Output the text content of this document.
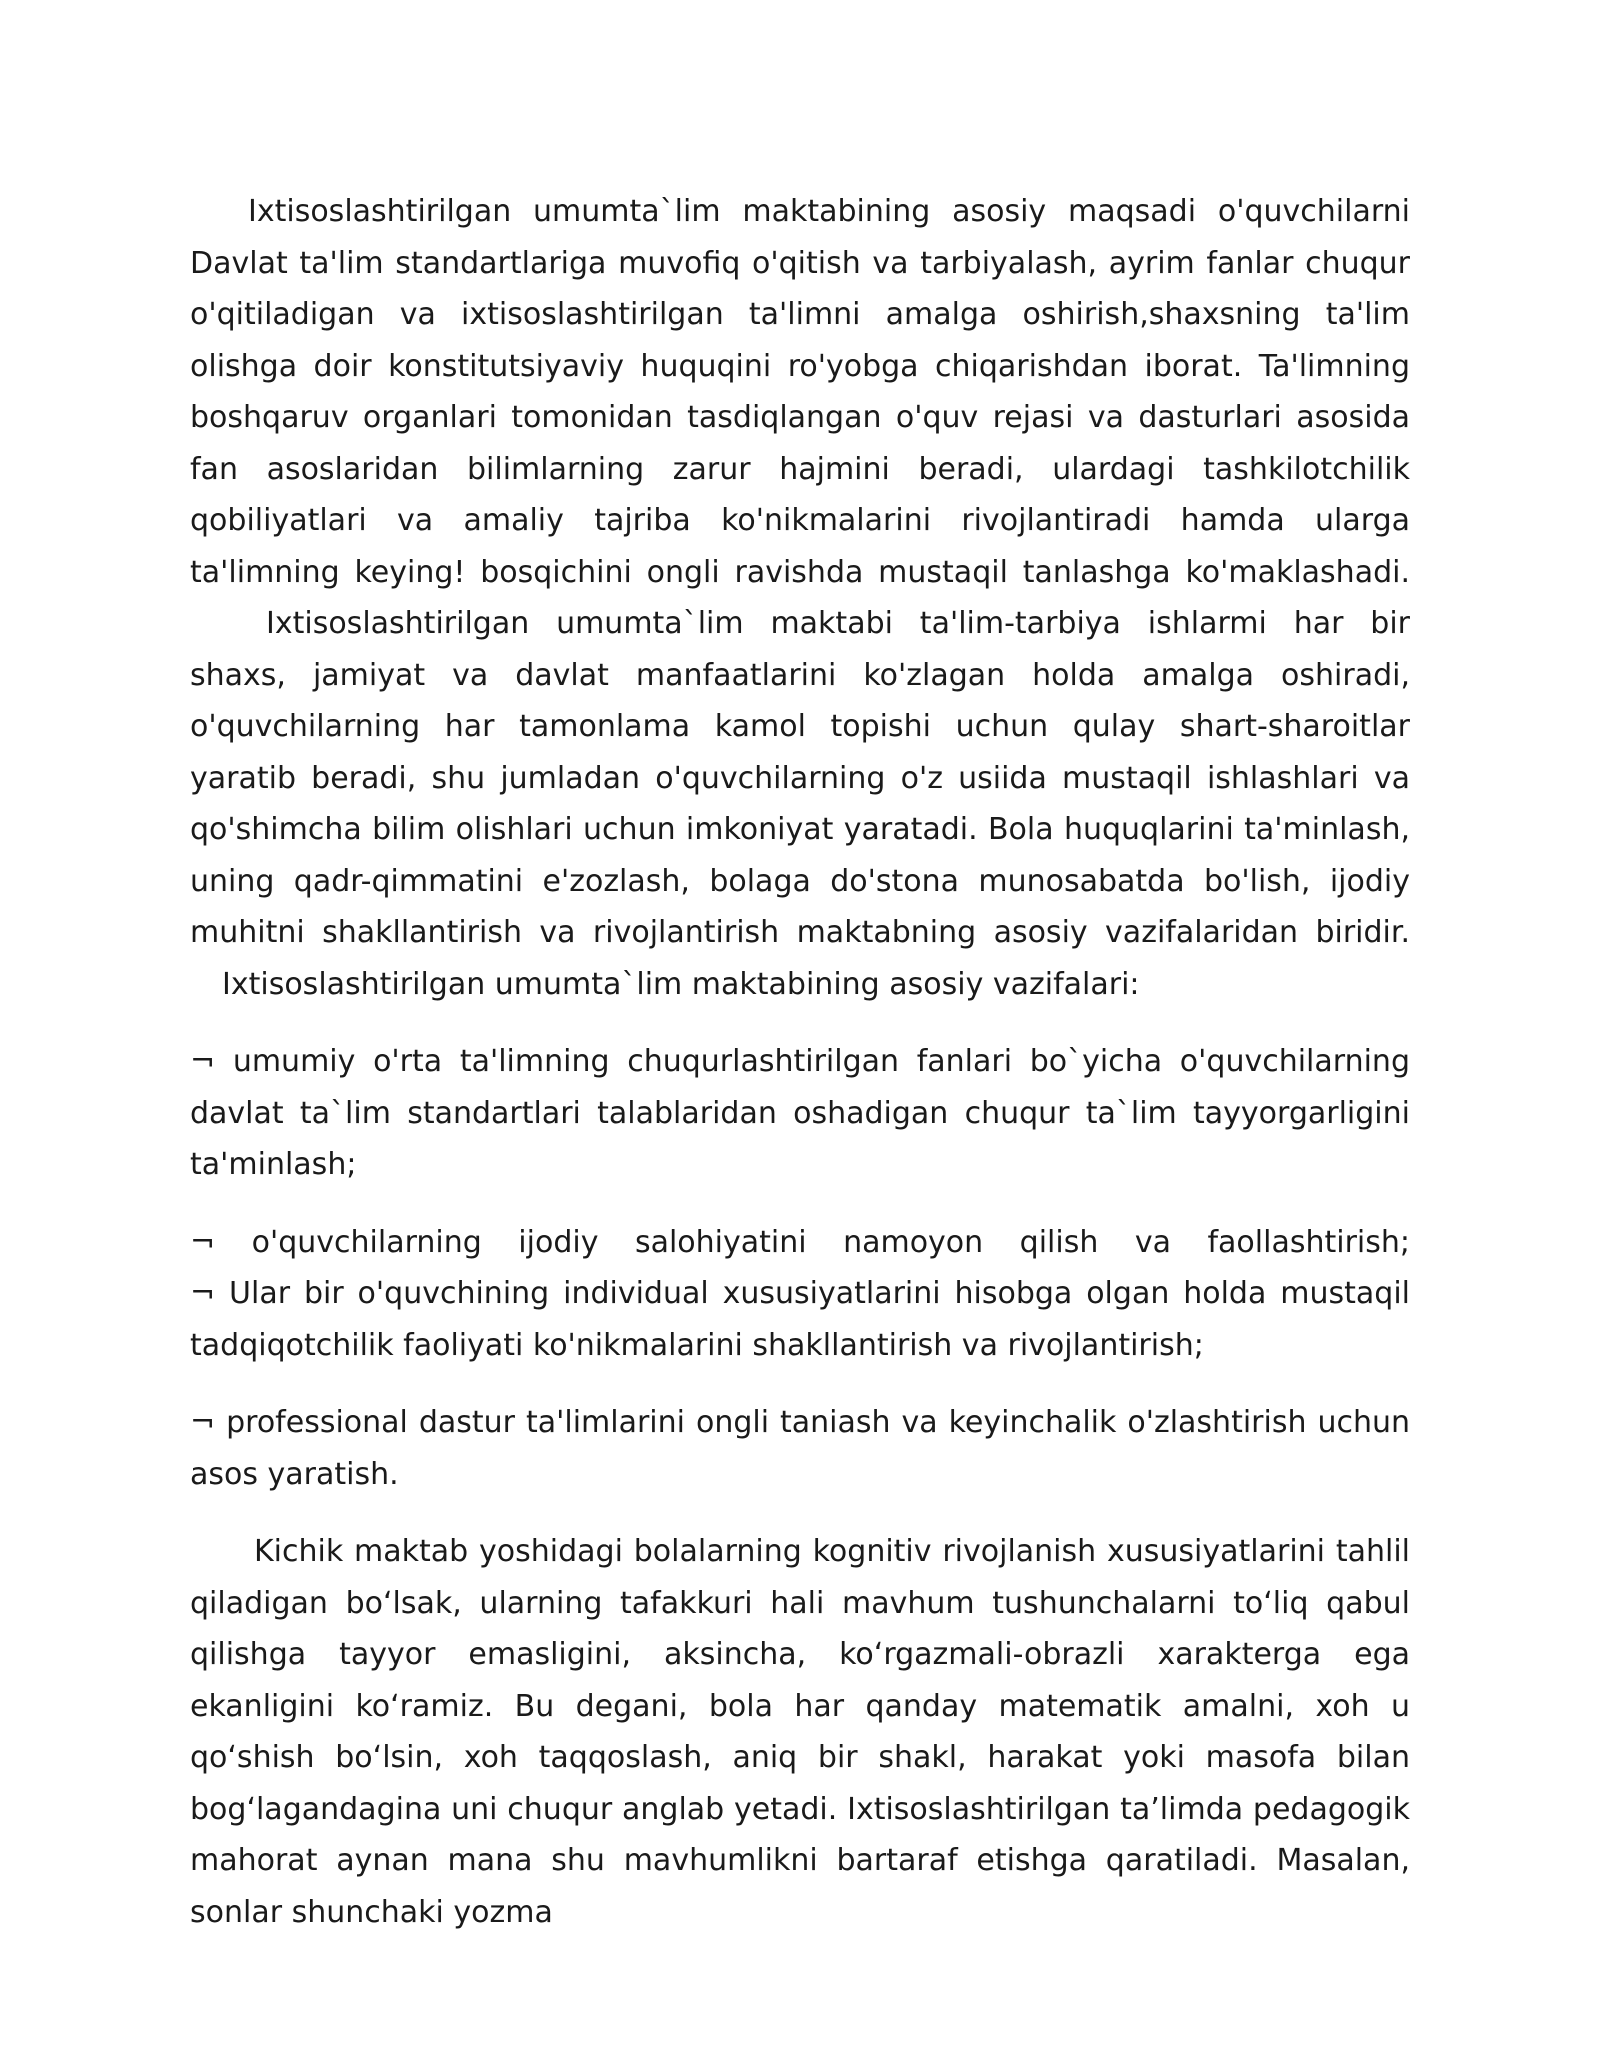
Ixtisoslashtirilgan umumta`lim maktabining asosiy maqsadi o'quvchilarni Davlat ta'lim standartlariga muvofiq o'qitish va tarbiyalash, ayrim fanlar chuqur o'qitiladigan va ixtisoslashtirilgan ta'limni amalga oshirish,shaxsning ta'lim olishga doir konstitutsiyaviy huquqini ro'yobga chiqarishdan iborat. Ta'limning boshqaruv organlari tomonidan tasdiqlangan o'quv rejasi va dasturlari asosida fan asoslaridan bilimlarning zarur hajmini beradi, ulardagi tashkilotchilik qobiliyatlari va amaliy tajriba ko'nikmalarini rivojlantiradi hamda ularga ta'limning keying! bosqichini ongli ravishda mustaqil tanlashga ko'maklashadi.

Ixtisoslashtirilgan umumta`lim maktabi ta'lim-tarbiya ishlarmi har bir shaxs, jamiyat va davlat manfaatlarini ko'zlagan holda amalga oshiradi, o'quvchilarning har tamonlama kamol topishi uchun qulay shart-sharoitlar yaratib beradi, shu jumladan o'quvchilarning o'z usiida mustaqil ishlashlari va qo'shimcha bilim olishlari uchun imkoniyat yaratadi. Bola huquqlarini ta'minlash, uning qadr-qimmatini e'zozlash, bolaga do'stona munosabatda bo'lish, ijodiy muhitni shakllantirish va rivojlantirish maktabning asosiy vazifalaridan biridir.

Ixtisoslashtirilgan umumta`lim maktabining asosiy vazifalari:

¬ umumiy o'rta ta'limning chuqurlashtirilgan fanlari bo`yicha o'quvchilarning davlat ta`lim standartlari talablaridan oshadigan chuqur ta`lim tayyorgarligini ta'minlash;

¬ o'quvchilarning ijodiy salohiyatini namoyon qilish va faollashtirish;

¬ Ular bir o'quvchining individual xususiyatlarini hisobga olgan holda mustaqil tadqiqotchilik faoliyati ko'nikmalarini shakllantirish va rivojlantirish;

¬ professional dastur ta'limlarini ongli taniash va keyinchalik o'zlashtirish uchun asos yaratish.

Kichik maktab yoshidagi bolalarning kognitiv rivojlanish xususiyatlarini tahlil qiladigan boʻlsak, ularning tafakkuri hali mavhum tushunchalarni toʻliq qabul qilishga tayyor emasligini, aksincha, koʻrgazmali-obrazli xarakterga ega ekanligini koʻramiz. Bu degani, bola har qanday matematik amalni, xoh u qoʻshish boʻlsin, xoh taqqoslash, aniq bir shakl, harakat yoki masofa bilan bogʻlagandagina uni chuqur anglab yetadi. Ixtisoslashtirilgan ta’limda pedagogik mahorat aynan mana shu mavhumlikni bartaraf etishga qaratiladi. Masalan, sonlar shunchaki yozma
